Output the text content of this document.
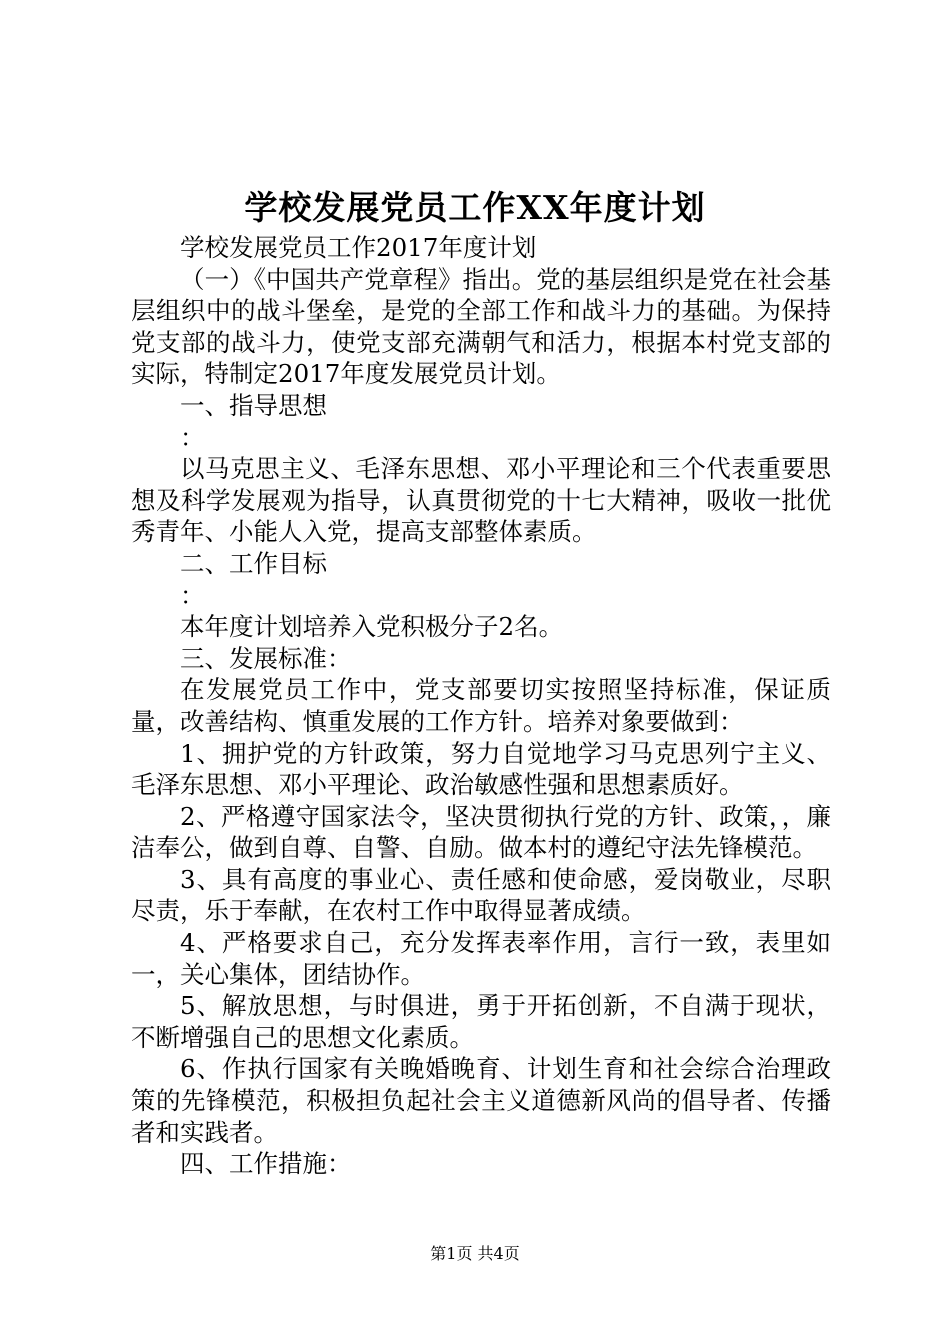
学校发展党员工作XX年度计划

学校发展党员工作2017年度计划

（一）《中国共产党章程》指出。党的基层组织是党在社会基层组织中的战斗堡垒，是党的全部工作和战斗力的基础。为保持党支部的战斗力，使党支部充满朝气和活力，根据本村党支部的实际，特制定2017年度发展党员计划。

一、指导思想

：

以马克思主义、毛泽东思想、邓小平理论和三个代表重要思想及科学发展观为指导，认真贯彻党的十七大精神，吸收一批优秀青年、小能人入党，提高支部整体素质。

二、工作目标

：

本年度计划培养入党积极分子2名。

三、发展标准：

在发展党员工作中，党支部要切实按照坚持标准，保证质量，改善结构、慎重发展的工作方针。培养对象要做到：

1、拥护党的方针政策，努力自觉地学习马克思列宁主义、毛泽东思想、邓小平理论、政治敏感性强和思想素质好。

2、严格遵守国家法令，坚决贯彻执行党的方针、政策，，廉洁奉公，做到自尊、自警、自励。做本村的遵纪守法先锋模范。

3、具有高度的事业心、责任感和使命感，爱岗敬业，尽职尽责，乐于奉献，在农村工作中取得显著成绩。

4、严格要求自己，充分发挥表率作用，言行一致，表里如一，关心集体，团结协作。

5、解放思想，与时俱进，勇于开拓创新，不自满于现状，不断增强自己的思想文化素质。

6、作执行国家有关晚婚晚育、计划生育和社会综合治理政策的先锋模范，积极担负起社会主义道德新风尚的倡导者、传播者和实践者。

四、工作措施：

第1页 共4页
